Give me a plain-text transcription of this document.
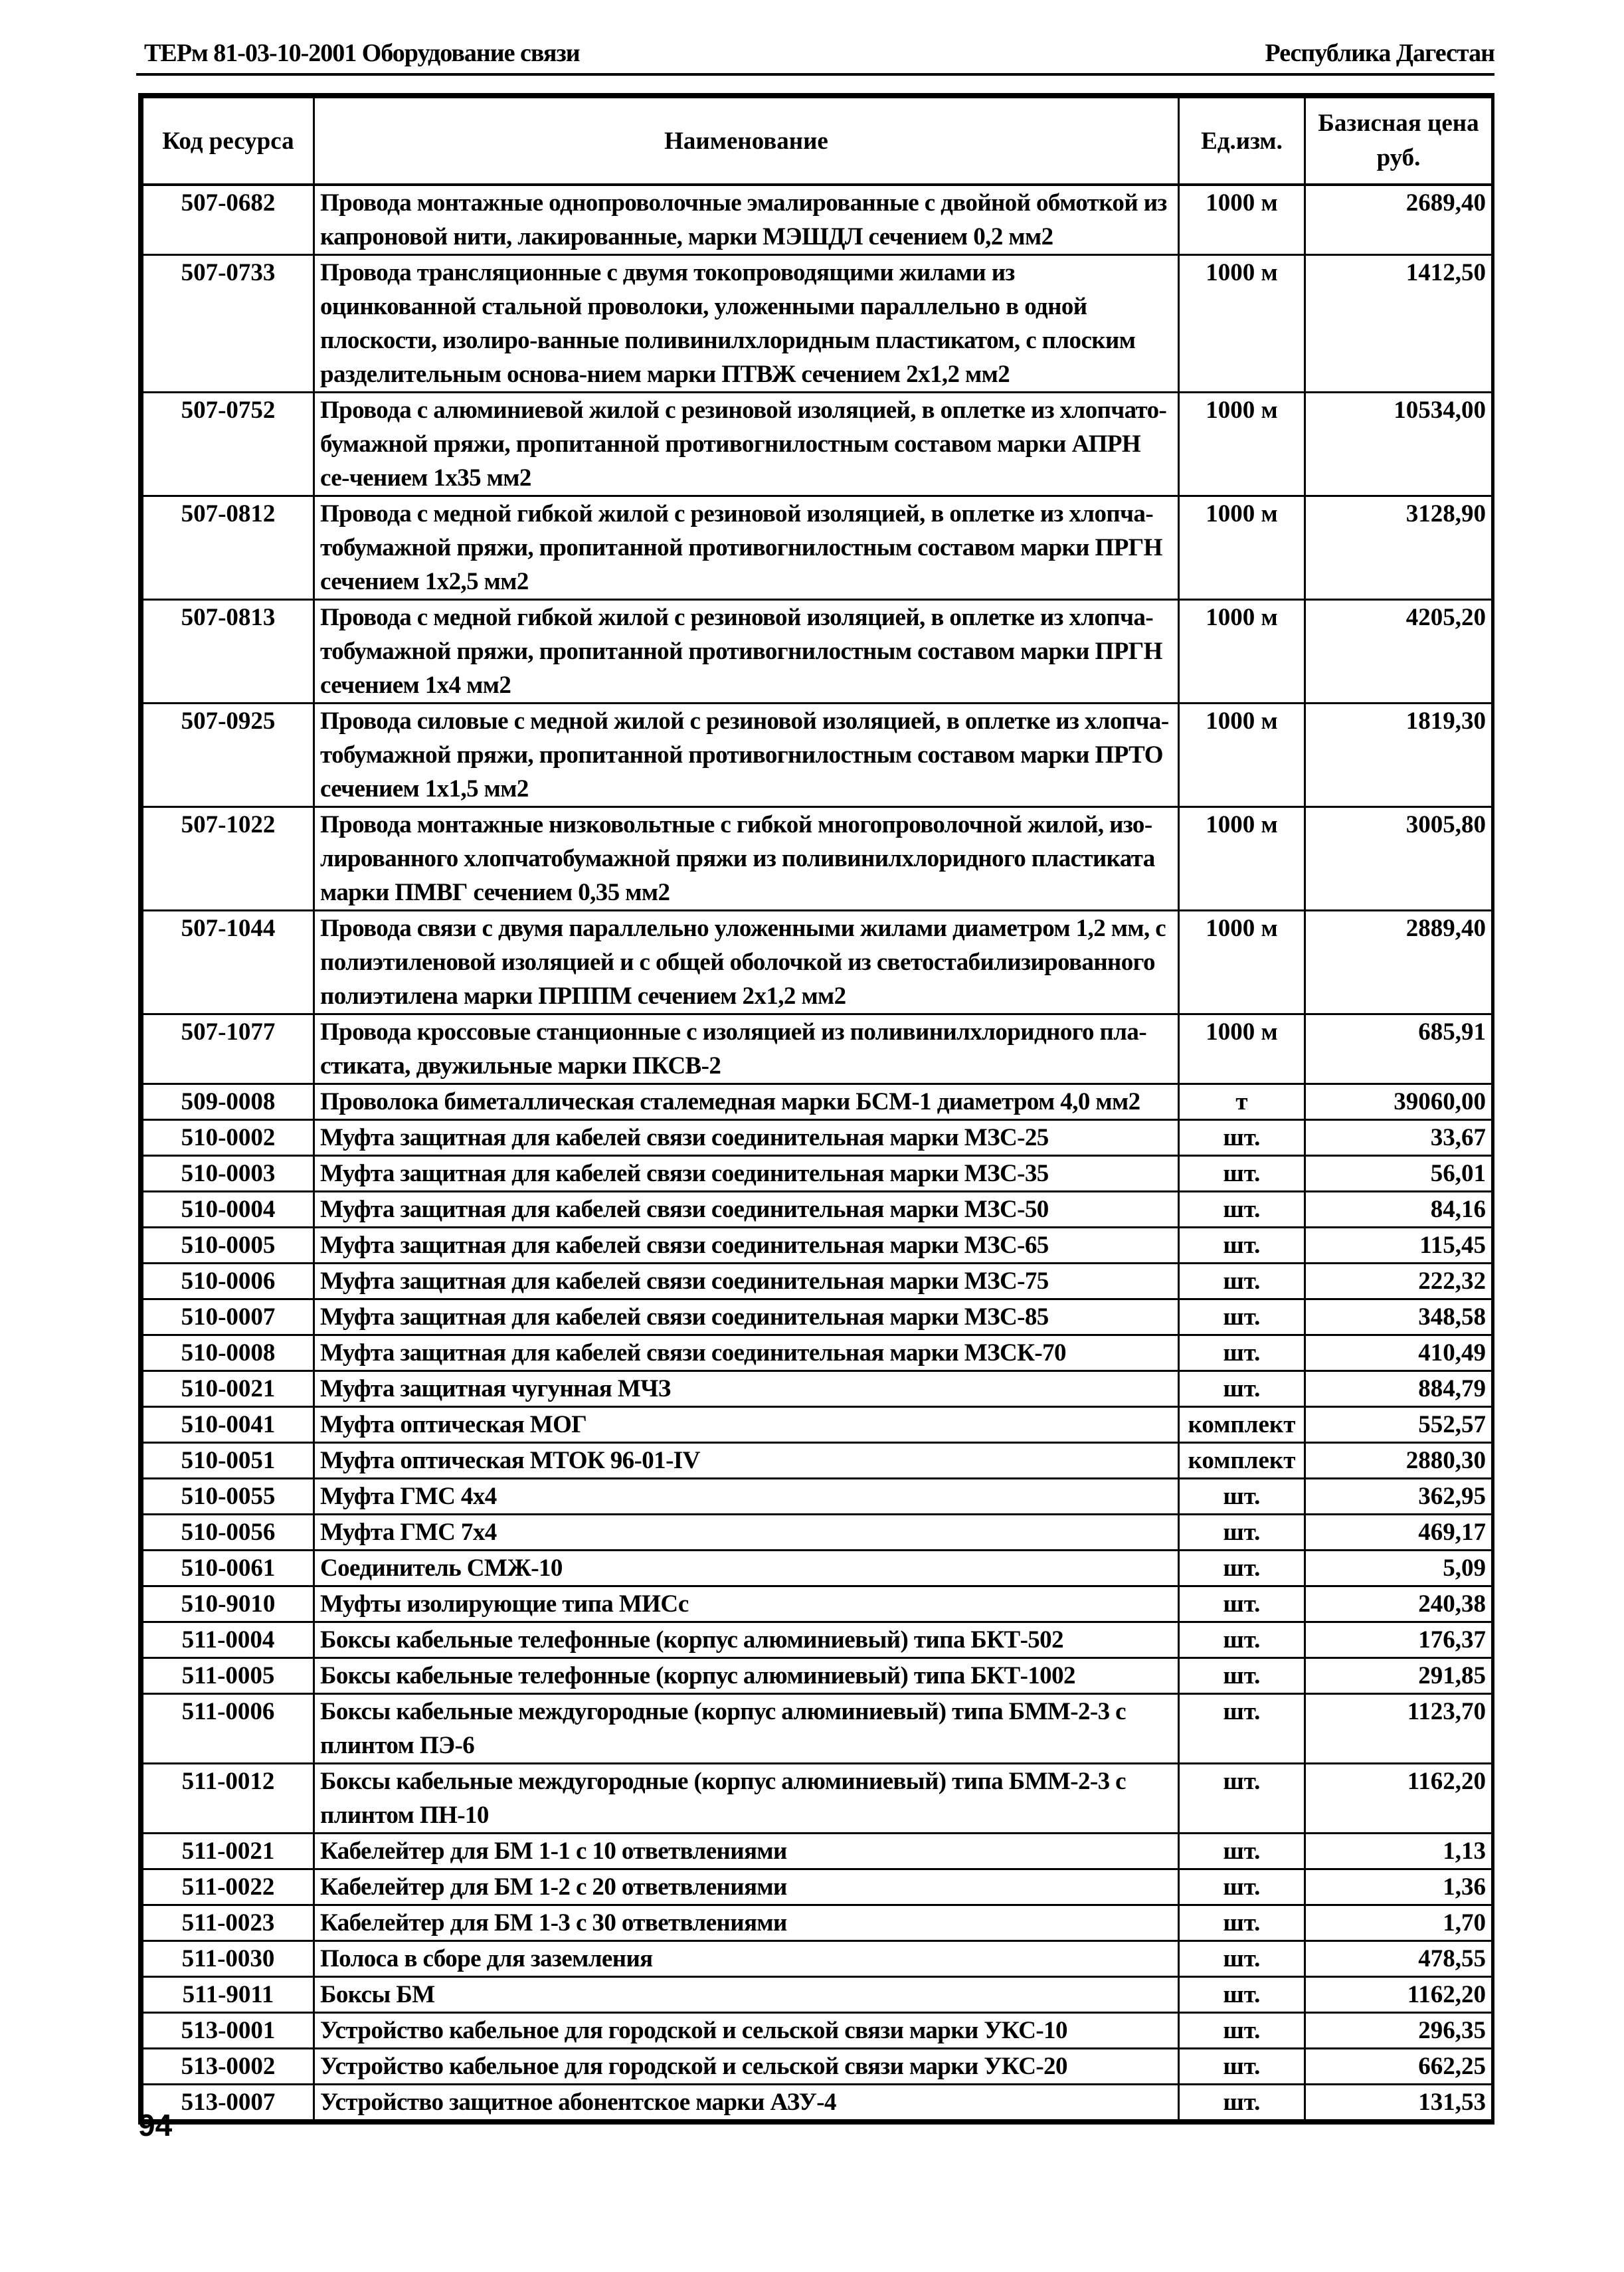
ТЕРм 81-03-10-2001 Оборудование связи	Республика Дагестан
Код ресурса	Наименование	Ед.изм.	Базисная цена
руб.
507-0682	Провода монтажные однопроволочные эмалированные с двойной обмоткой из капроновой нити, лакированные, марки МЭШДЛ сечением 0,2 мм2	1000 м	2689,40
507-0733	Провода трансляционные с двумя токопроводящими жилами из оцинкованной стальной проволоки, уложенными параллельно в одной плоскости, изолиро-ванные поливинилхлоридным пластикатом, с плоским разделительным основа-нием марки ПТВЖ сечением 2х1,2 мм2	1000 м	1412,50
507-0752	Провода с алюминиевой жилой с резиновой изоляцией, в оплетке из хлопчато-бумажной пряжи, пропитанной противогнилостным составом марки АПРН се-чением 1х35 мм2	1000 м	10534,00
507-0812	Провода с медной гибкой жилой с резиновой изоляцией, в оплетке из хлопча-тобумажной пряжи, пропитанной противогнилостным составом марки ПРГН сечением 1х2,5 мм2	1000 м	3128,90
507-0813	Провода с медной гибкой жилой с резиновой изоляцией, в оплетке из хлопча-тобумажной пряжи, пропитанной противогнилостным составом марки ПРГН сечением 1х4 мм2	1000 м	4205,20
507-0925	Провода силовые с медной жилой с резиновой изоляцией, в оплетке из хлопча-тобумажной пряжи, пропитанной противогнилостным составом марки ПРТО сечением 1х1,5 мм2	1000 м	1819,30
507-1022	Провода монтажные низковольтные с гибкой многопроволочной жилой, изо-лированного хлопчатобумажной пряжи из поливинилхлоридного пластиката марки ПМВГ сечением 0,35 мм2	1000 м	3005,80
507-1044	Провода связи с двумя параллельно уложенными жилами диаметром 1,2 мм, с полиэтиленовой изоляцией и с общей оболочкой из светостабилизированного полиэтилена марки ПРППМ сечением 2х1,2 мм2	1000 м	2889,40
507-1077	Провода кроссовые станционные с изоляцией из поливинилхлоридного пла-стиката, двужильные марки ПКСВ-2	1000 м	685,91
509-0008	Проволока биметаллическая сталемедная марки БСМ-1 диаметром 4,0 мм2	т	39060,00
510-0002	Муфта защитная для кабелей связи соединительная марки МЗС-25	шт.	33,67
510-0003	Муфта защитная для кабелей связи соединительная марки МЗС-35	шт.	56,01
510-0004	Муфта защитная для кабелей связи соединительная марки МЗС-50	шт.	84,16
510-0005	Муфта защитная для кабелей связи соединительная марки МЗС-65	шт.	115,45
510-0006	Муфта защитная для кабелей связи соединительная марки МЗС-75	шт.	222,32
510-0007	Муфта защитная для кабелей связи соединительная марки МЗС-85	шт.	348,58
510-0008	Муфта защитная для кабелей связи соединительная марки МЗСК-70	шт.	410,49
510-0021	Муфта защитная чугунная МЧЗ	шт.	884,79
510-0041	Муфта оптическая МОГ	комплект	552,57
510-0051	Муфта оптическая МТОК 96-01-IV	комплект	2880,30
510-0055	Муфта ГМС 4х4	шт.	362,95
510-0056	Муфта ГМС 7х4	шт.	469,17
510-0061	Соединитель СМЖ-10	шт.	5,09
510-9010	Муфты изолирующие типа МИСс	шт.	240,38
511-0004	Боксы кабельные телефонные (корпус алюминиевый) типа БКТ-502	шт.	176,37
511-0005	Боксы кабельные телефонные (корпус алюминиевый) типа БКТ-1002	шт.	291,85
511-0006	Боксы кабельные междугородные (корпус алюминиевый) типа БММ-2-3 с плинтом ПЭ-6	шт.	1123,70
511-0012	Боксы кабельные междугородные (корпус алюминиевый) типа БММ-2-3 с плинтом ПН-10	шт.	1162,20
511-0021	Кабелейтер для БМ 1-1 с 10 ответвлениями	шт.	1,13
511-0022	Кабелейтер для БМ 1-2 с 20 ответвлениями	шт.	1,36
511-0023	Кабелейтер для БМ 1-3 с 30 ответвлениями	шт.	1,70
511-0030	Полоса в сборе для заземления	шт.	478,55
511-9011	Боксы БМ	шт.	1162,20
513-0001	Устройство кабельное для городской и сельской связи марки УКС-10	шт.	296,35
513-0002	Устройство кабельное для городской и сельской связи марки УКС-20	шт.	662,25
513-0007	Устройство защитное абонентское марки АЗУ-4	шт.	131,53
94
